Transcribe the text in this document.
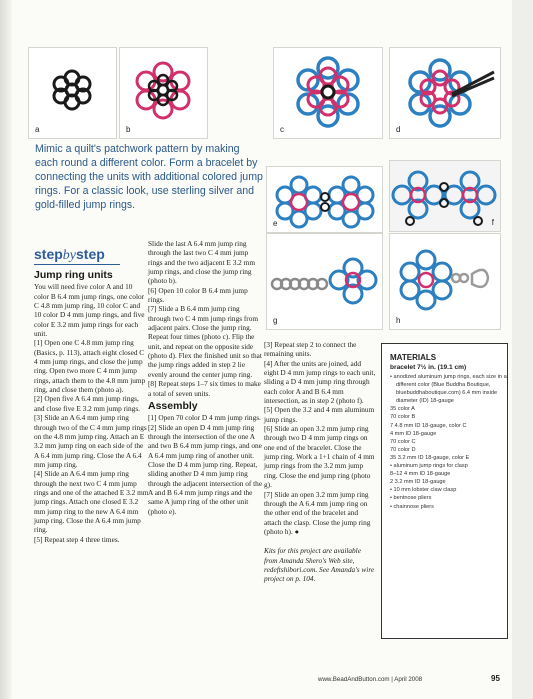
a	b	c	d
e	f
g	h
Mimic a quilt's patchwork pattern by making each round a different color. Form a bracelet by connecting the units with additional colored jump rings. For a classic look, use sterling silver and gold-filled jump rings.
stepbystep
Jump ring units

You will need five color A and 10 color B 6.4 mm jump rings, one color C 4.8 mm jump ring, 10 color C and 10 color D 4 mm jump rings, and five color E 3.2 mm jump rings for each unit.

[1] Open one C 4.8 mm jump ring (Basics, p. 113), attach eight closed C 4 mm jump rings, and close the jump ring. Open two more C 4 mm jump rings, attach them to the 4.8 mm jump ring, and close them (photo a).

[2] Open five A 6.4 mm jump rings, and close five E 3.2 mm jump rings.

[3] Slide an A 6.4 mm jump ring through two of the C 4 mm jump rings on the 4.8 mm jump ring. Attach an E 3.2 mm jump ring on each side of the A 6.4 mm jump ring. Close the A 6.4 mm jump ring.

[4] Slide an A 6.4 mm jump ring through the next two C 4 mm jump rings and one of the attached E 3.2 mm jump rings. Attach one closed E 3.2 mm jump ring to the new A 6.4 mm jump ring. Close the A 6.4 mm jump ring.

[5] Repeat step 4 three times.

Slide the last A 6.4 mm jump ring through the last two C 4 mm jump rings and the two adjacent E 3.2 mm jump rings, and close the jump ring (photo b).

[6] Open 10 color B 6.4 mm jump rings.

[7] Slide a B 6.4 mm jump ring through two C 4 mm jump rings from adjacent pairs. Close the jump ring. Repeat four times (photo c). Flip the unit, and repeat on the opposite side (photo d). Flex the finished unit so that the jump rings added in step 2 lie evenly around the center jump ring.

[8] Repeat steps 1–7 six times to make a total of seven units.

Assembly

[1] Open 70 color D 4 mm jump rings.

[2] Slide an open D 4 mm jump ring through the intersection of the one A and two B 6.4 mm jump rings, and one A 6.4 mm jump ring of another unit. Close the D 4 mm jump ring. Repeat, sliding another D 4 mm jump ring through the adjacent intersection of the A and B 6.4 mm jump rings and the same A jump ring of the other unit (photo e).

[3] Repeat step 2 to connect the remaining units.

[4] After the units are joined, add eight D 4 mm jump rings to each unit, sliding a D 4 mm jump ring through each color A and B 6.4 mm intersection, as in step 2 (photo f).

[5] Open the 3.2 and 4 mm aluminum jump rings.

[6] Slide an open 3.2 mm jump ring through two D 4 mm jump rings on one end of the bracelet. Close the jump ring. Work a 1+1 chain of 4 mm jump rings from the 3.2 mm jump ring. Close the end jump ring (photo g).

[7] Slide an open 3.2 mm jump ring through the A 6.4 mm jump ring on the other end of the bracelet and attach the clasp. Close the jump ring (photo h). ●

Kits for this project are available from Amanda Shero's Web site, redeftshibori.com. See Amanda's wire project on p. 104.

MATERIALS
bracelet 7½ in. (19.1 cm)
• anodized aluminum jump rings, each size in a different color (Blue Buddha Boutique, bluebuddhaboutique.com) 6.4 mm inside diameter (ID) 18-gauge
35 color A
70 color B
7 4.8 mm ID 18-gauge, color C
4 mm ID 18-gauge
70 color C
70 color D
35 3.2 mm ID 18-gauge, color E
• aluminum jump rings for clasp
8–12 4 mm ID 18-gauge
2 3.2 mm ID 18-gauge
• 10 mm lobster claw clasp
• bentnose pliers
• chainnose pliers
www.BeadAndButton.com | April 2008	95
